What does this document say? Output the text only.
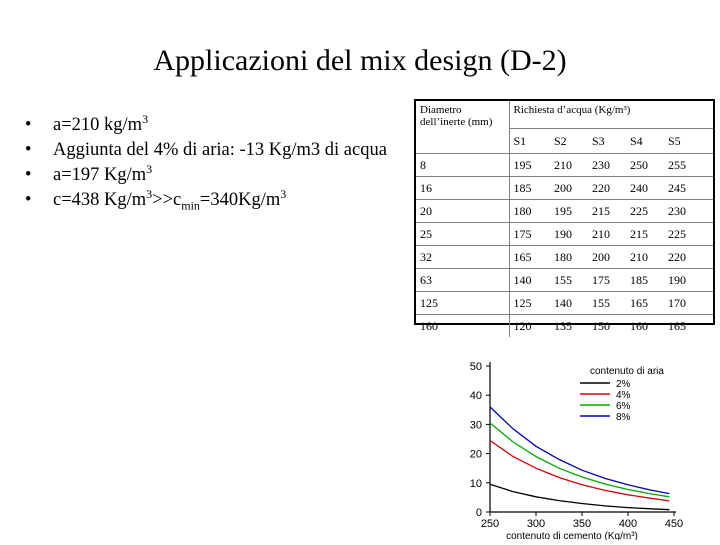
Applicazioni del mix design (D-2)
• a=210 $kg/m^3$
• Aggiunta del 4% di aria: -13 Kg/m3 di acqua
• a=197 $Kg/m^3$
• c=438 $Kg/m^3>>c_{min}=340Kg/m^3$
Diametro dell’inerte (mm)	Richiesta d’acqua (Kg/m³)				
	S1	S2	S3	S4	S5
8	195	210	230	250	255
16	185	200	220	240	245
20	180	195	215	225	230
25	175	190	210	215	225
32	165	180	200	210	220
63	140	155	175	185	190
125	125	140	155	165	170
160	120	135	150	160	165
0
10
20
30
40
50
250	300	350	400	450
contenuto di cemento (Kg/m³)
contenuto di aria
2%
4%
6%
8%
